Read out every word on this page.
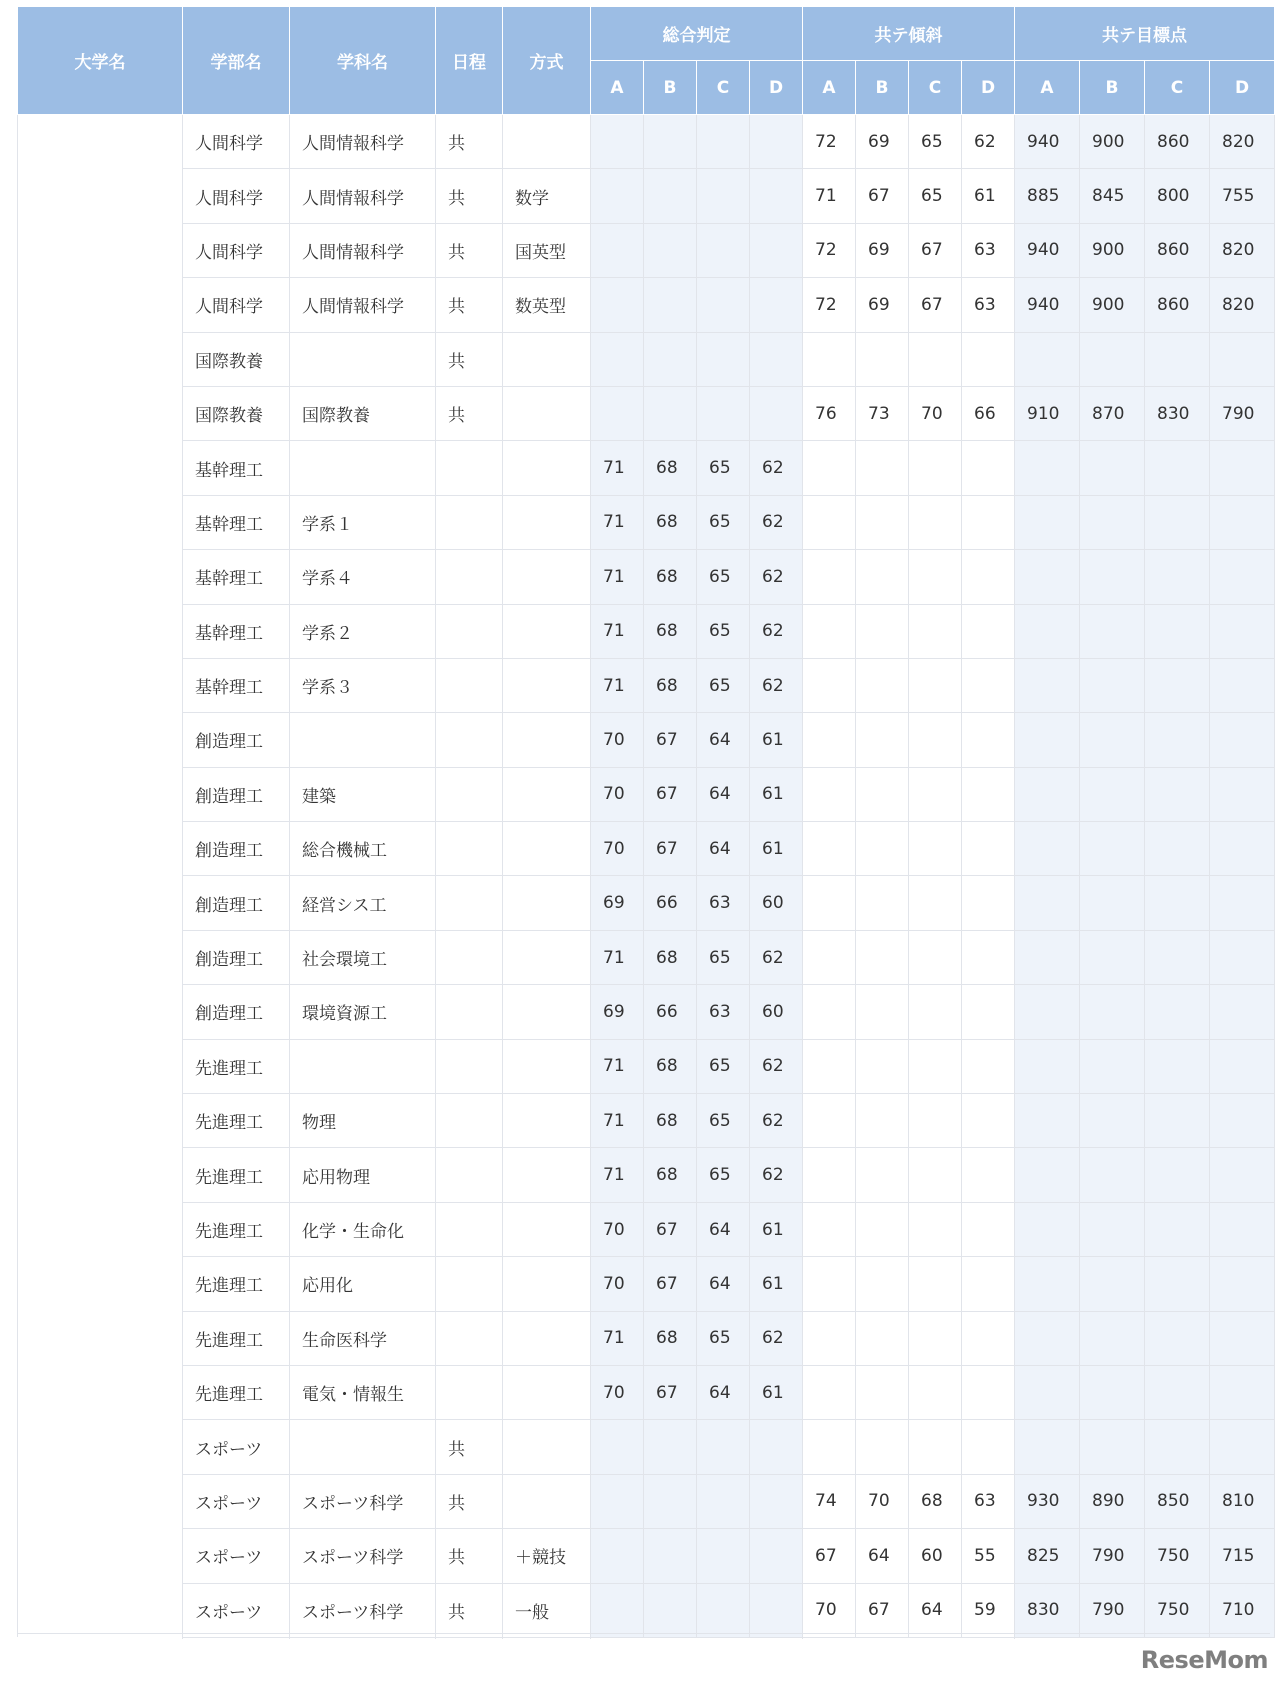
大学名	学部名	学科名	日程	方式	総合判定				共テ傾斜				共テ目標点			
					A	B	C	D	A	B	C	D	A	B	C	D
	人間科学	人間情報科学	共						72	69	65	62	940	900	860	820
	人間科学	人間情報科学	共	数学					71	67	65	61	885	845	800	755
	人間科学	人間情報科学	共	国英型					72	69	67	63	940	900	860	820
	人間科学	人間情報科学	共	数英型					72	69	67	63	940	900	860	820
	国際教養		共													
	国際教養	国際教養	共						76	73	70	66	910	870	830	790
	基幹理工				71	68	65	62								
	基幹理工	学系１			71	68	65	62								
	基幹理工	学系４			71	68	65	62								
	基幹理工	学系２			71	68	65	62								
	基幹理工	学系３			71	68	65	62								
	創造理工				70	67	64	61								
	創造理工	建築			70	67	64	61								
	創造理工	総合機械工			70	67	64	61								
	創造理工	経営シス工			69	66	63	60								
	創造理工	社会環境工			71	68	65	62								
	創造理工	環境資源工			69	66	63	60								
	先進理工				71	68	65	62								
	先進理工	物理			71	68	65	62								
	先進理工	応用物理			71	68	65	62								
	先進理工	化学・生命化			70	67	64	61								
	先進理工	応用化			70	67	64	61								
	先進理工	生命医科学			71	68	65	62								
	先進理工	電気・情報生			70	67	64	61								
	スポーツ		共													
	スポーツ	スポーツ科学	共						74	70	68	63	930	890	850	810
	スポーツ	スポーツ科学	共	＋競技					67	64	60	55	825	790	750	715
	スポーツ	スポーツ科学	共	一般					70	67	64	59	830	790	750	710
ReseMom
